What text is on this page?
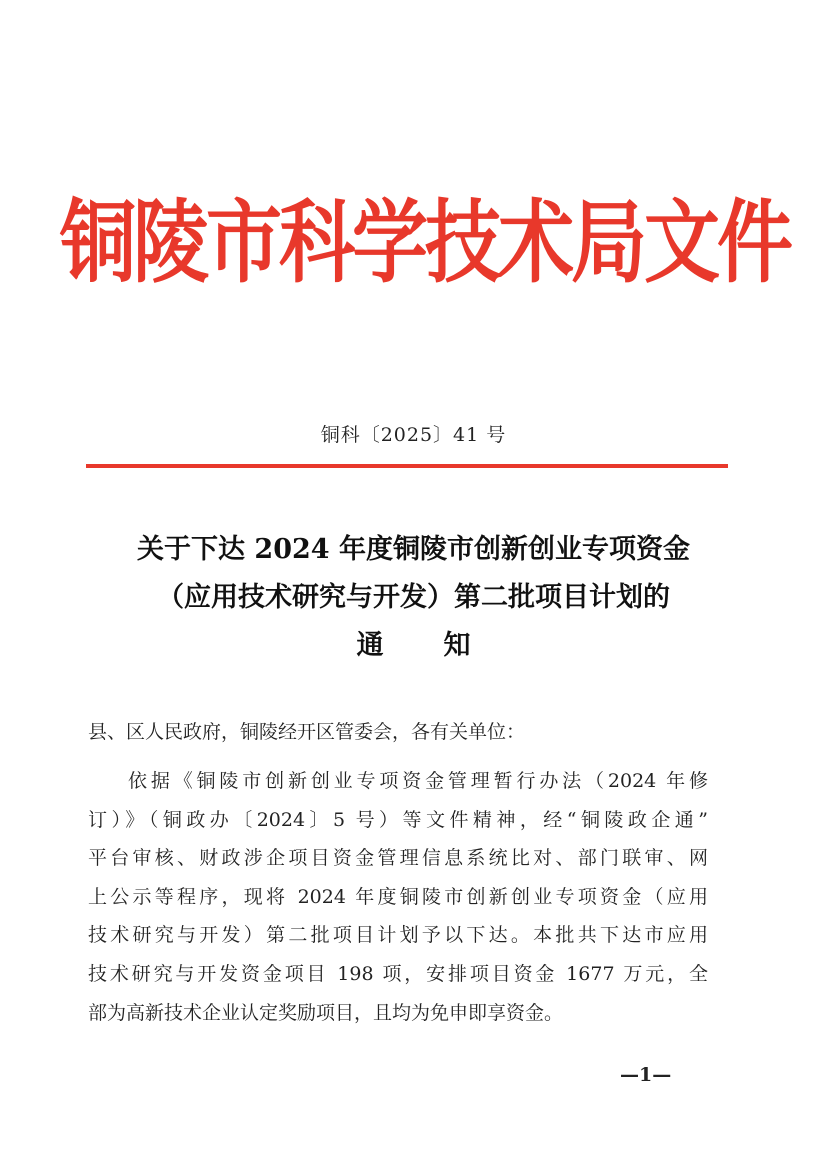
铜陵市科学技术局文件
铜科〔2025〕41 号
关于下达 2024 年度铜陵市创新创业专项资金
（应用技术研究与开发）第二批项目计划的
通知
县、区人民政府，铜陵经开区管委会，各有关单位：
依据《铜陵市创新创业专项资金管理暂行办法（2024 年修
订）》（铜政办〔2024〕5 号）等文件精神，经“铜陵政企通”
平台审核、财政涉企项目资金管理信息系统比对、部门联审、网
上公示等程序，现将 2024 年度铜陵市创新创业专项资金（应用
技术研究与开发）第二批项目计划予以下达。本批共下达市应用
技术研究与开发资金项目 198 项，安排项目资金 1677 万元，全
部为高新技术企业认定奖励项目，且均为免申即享资金。
—1—
